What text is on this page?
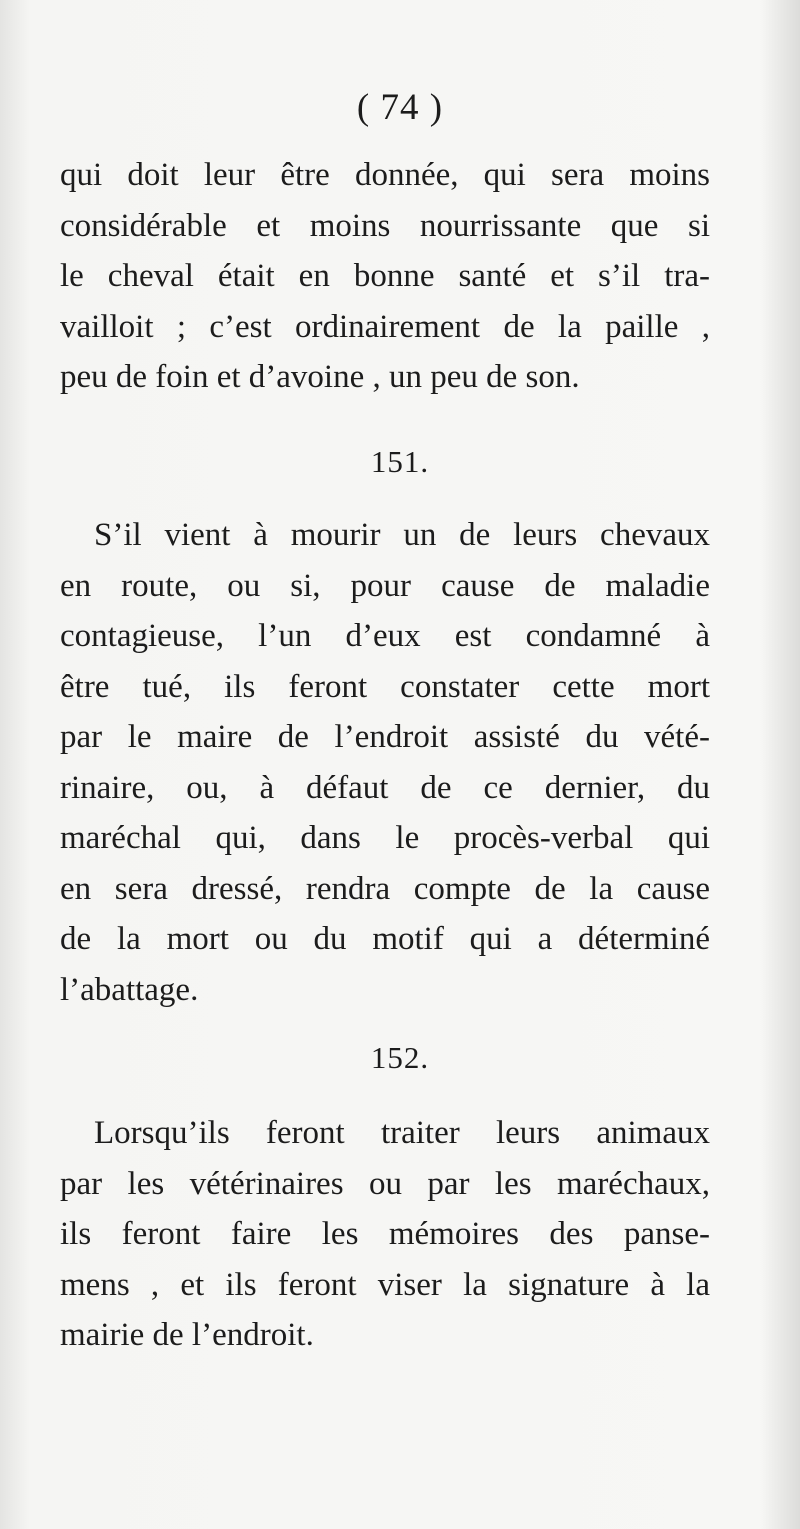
( 74 )
qui doit leur être donnée, qui sera moins
considérable et moins nourrissante que si
le cheval était en bonne santé et s’il tra-
vailloit ; c’est ordinairement de la paille ,
peu de foin et d’avoine , un peu de son.
151.
S’il vient à mourir un de leurs chevaux
en route, ou si, pour cause de maladie
contagieuse, l’un d’eux est condamné à
être tué, ils feront constater cette mort
par le maire de l’endroit assisté du vété-
rinaire, ou, à défaut de ce dernier, du
maréchal qui, dans le procès-verbal qui
en sera dressé, rendra compte de la cause
de la mort ou du motif qui a déterminé
l’abattage.
152.
Lorsqu’ils feront traiter leurs animaux
par les vétérinaires ou par les maréchaux,
ils feront faire les mémoires des panse-
mens , et ils feront viser la signature à la
mairie de l’endroit.
